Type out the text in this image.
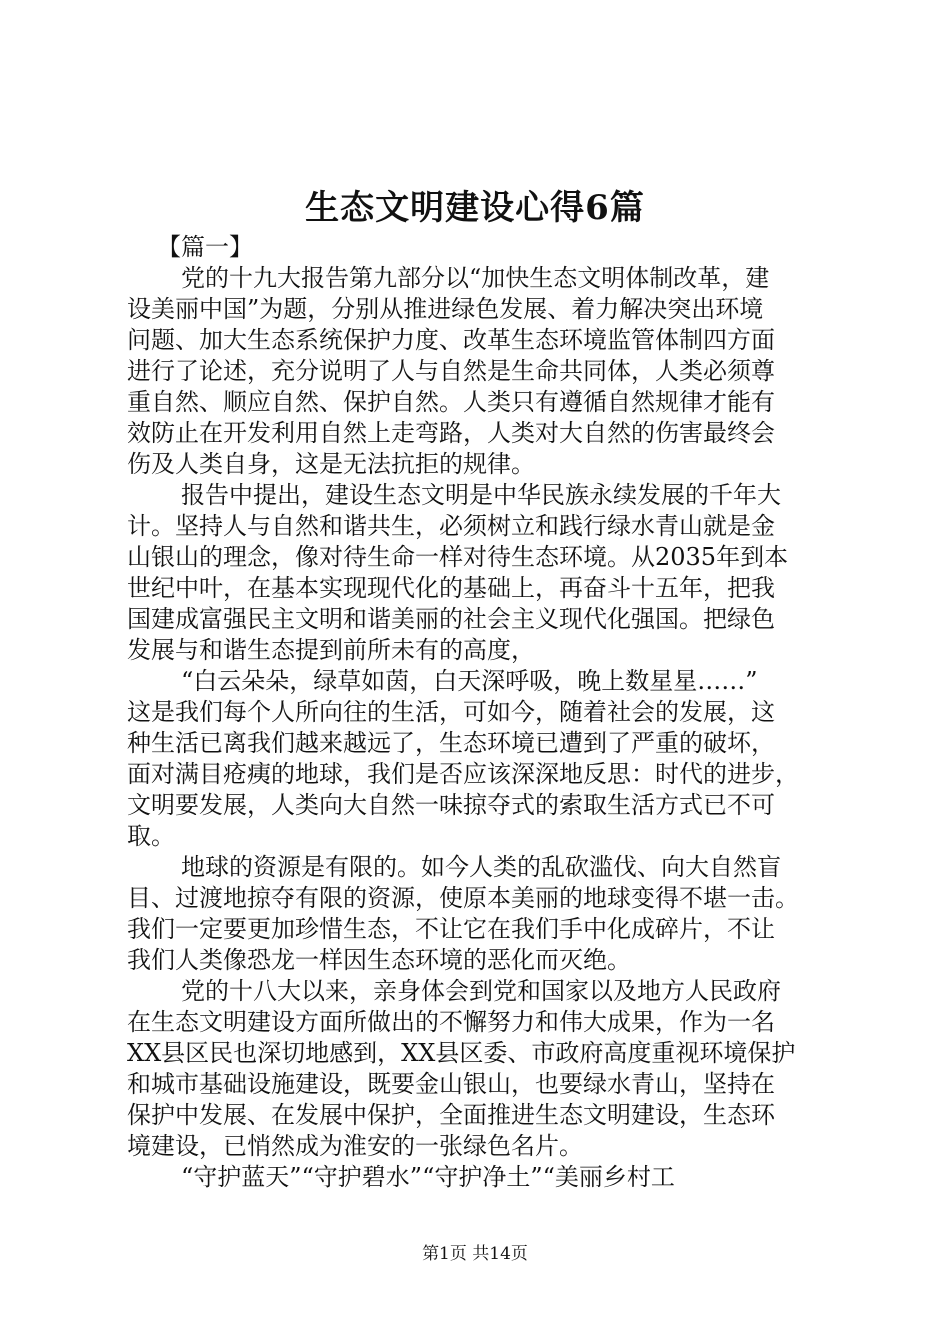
生态文明建设心得6篇
【篇一】
党的十九大报告第九部分以“加快生态文明体制改革，建
设美丽中国”为题，分别从推进绿色发展、着力解决突出环境
问题、加大生态系统保护力度、改革生态环境监管体制四方面
进行了论述，充分说明了人与自然是生命共同体，人类必须尊
重自然、顺应自然、保护自然。人类只有遵循自然规律才能有
效防止在开发利用自然上走弯路，人类对大自然的伤害最终会
伤及人类自身，这是无法抗拒的规律。
报告中提出，建设生态文明是中华民族永续发展的千年大
计。坚持人与自然和谐共生，必须树立和践行绿水青山就是金
山银山的理念，像对待生命一样对待生态环境。从2035年到本
世纪中叶，在基本实现现代化的基础上，再奋斗十五年，把我
国建成富强民主文明和谐美丽的社会主义现代化强国。把绿色
发展与和谐生态提到前所未有的高度，
“白云朵朵，绿草如茵，白天深呼吸，晚上数星星……”
这是我们每个人所向往的生活，可如今，随着社会的发展，这
种生活已离我们越来越远了，生态环境已遭到了严重的破坏，
面对满目疮痍的地球，我们是否应该深深地反思：时代的进步，
文明要发展，人类向大自然一味掠夺式的索取生活方式已不可
取。
地球的资源是有限的。如今人类的乱砍滥伐、向大自然盲
目、过渡地掠夺有限的资源，使原本美丽的地球变得不堪一击。
我们一定要更加珍惜生态，不让它在我们手中化成碎片，不让
我们人类像恐龙一样因生态环境的恶化而灭绝。
党的十八大以来，亲身体会到党和国家以及地方人民政府
在生态文明建设方面所做出的不懈努力和伟大成果，作为一名
XX县区民也深切地感到，XX县区委、市政府高度重视环境保护
和城市基础设施建设，既要金山银山，也要绿水青山，坚持在
保护中发展、在发展中保护，全面推进生态文明建设，生态环
境建设，已悄然成为淮安的一张绿色名片。
“守护蓝天”“守护碧水”“守护净土”“美丽乡村工
第1页 共14页
